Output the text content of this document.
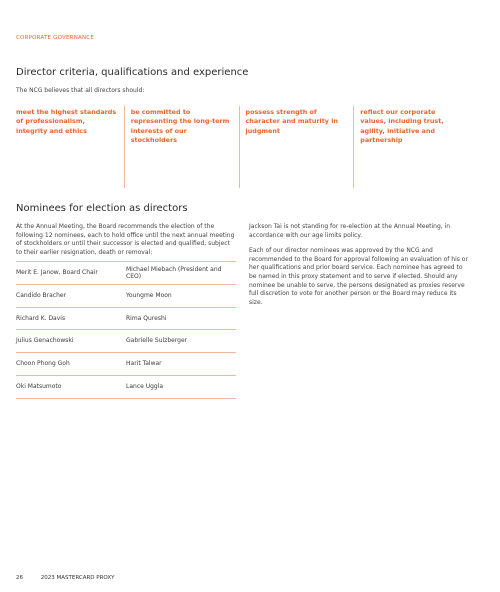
CORPORATE GOVERNANCE
Director criteria, qualifications and experience
The NCG believes that all directors should:
meet the highest standards of professionalism, integrity and ethics
be committed to representing the long-term interests of our stockholders
possess strength of character and maturity in judgment
reflect our corporate values, including trust, agility, initiative and partnership
Nominees for election as directors

At the Annual Meeting, the Board recommends the election of the following 12 nominees, each to hold office until the next annual meeting of stockholders or until their successor is elected and qualified, subject to their earlier resignation, death or removal:

Merit E. Janow, Board Chair	Michael Miebach (President and CEO)
Candido Bracher	Youngme Moon
Richard K. Davis	Rima Qureshi
Julius Genachowski	Gabrielle Sulzberger
Choon Phong Goh	Harit Talwar
Oki Matsumoto	Lance Uggla

Jackson Tai is not standing for re-election at the Annual Meeting, in accordance with our age limits policy.

Each of our director nominees was approved by the NCG and recommended to the Board for approval following an evaluation of his or her qualifications and prior board service. Each nominee has agreed to be named in this proxy statement and to serve if elected. Should any nominee be unable to serve, the persons designated as proxies reserve full discretion to vote for another person or the Board may reduce its size.

26	2023 MASTERCARD PROXY
